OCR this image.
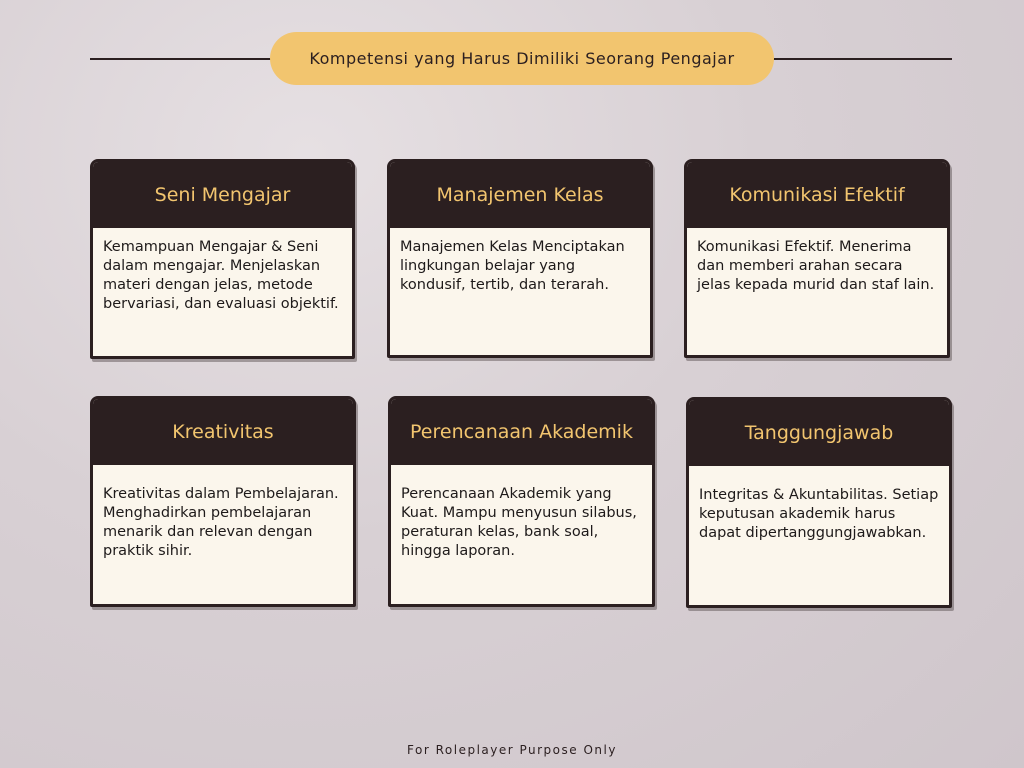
Kompetensi yang Harus Dimiliki Seorang Pengajar
Seni Mengajar
Kemampuan Mengajar & Seni dalam mengajar. Menjelaskan materi dengan jelas, metode bervariasi, dan evaluasi objektif.
Manajemen Kelas
Manajemen Kelas Menciptakan lingkungan belajar yang kondusif, tertib, dan terarah.
Komunikasi Efektif
Komunikasi Efektif. Menerima dan memberi arahan secara jelas kepada murid dan staf lain.
Kreativitas
Kreativitas dalam Pembelajaran. Menghadirkan pembelajaran menarik dan relevan dengan praktik sihir.
Perencanaan Akademik
Perencanaan Akademik yang Kuat. Mampu menyusun silabus, peraturan kelas, bank soal, hingga laporan.
Tanggungjawab
Integritas & Akuntabilitas. Setiap keputusan akademik harus dapat dipertanggungjawabkan.
For Roleplayer Purpose Only
